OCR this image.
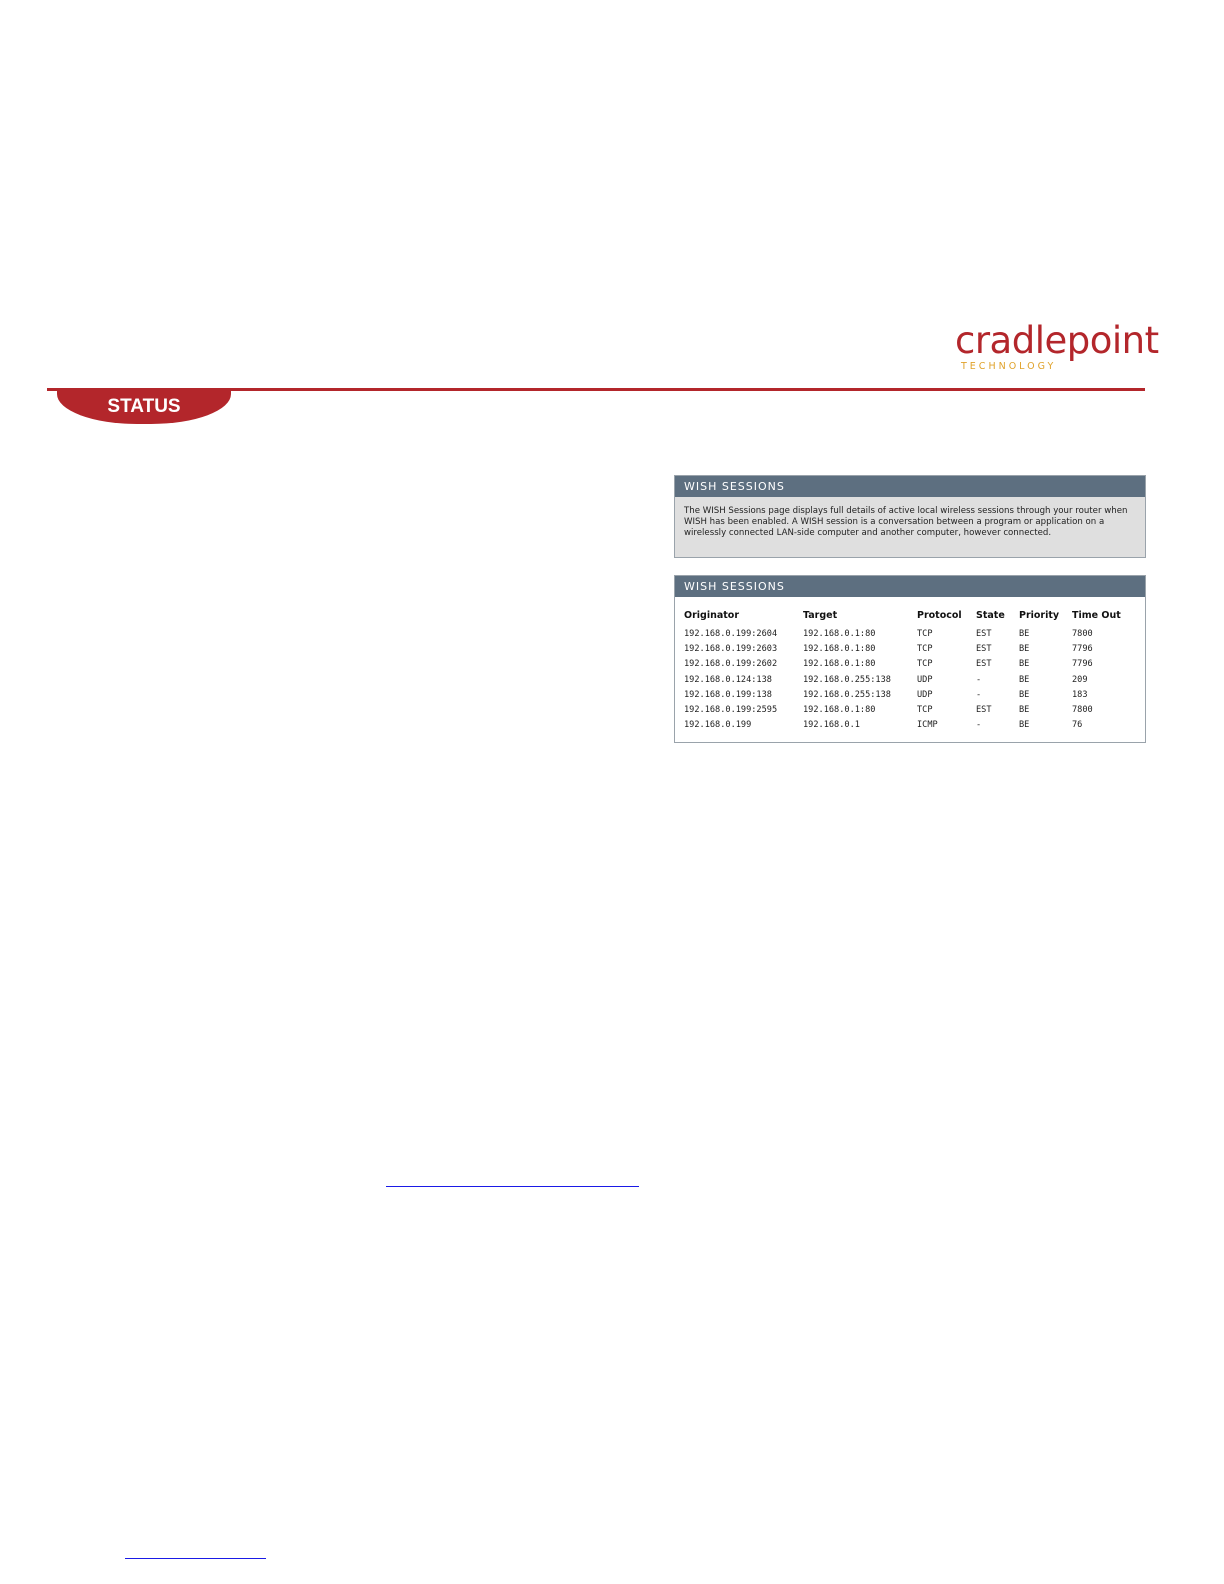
cradlepoint
TECHNOLOGY
STATUS
WISH SESSIONS
The WISH Sessions page displays full details of active local wireless sessions through your router when WISH has been enabled. A WISH session is a conversation between a program or application on a wirelessly connected LAN-side computer and another computer, however connected.
WISH SESSIONS
Originator	Target	Protocol	State	Priority	Time Out
192.168.0.199:2604	192.168.0.1:80	TCP	EST	BE	7800
192.168.0.199:2603	192.168.0.1:80	TCP	EST	BE	7796
192.168.0.199:2602	192.168.0.1:80	TCP	EST	BE	7796
192.168.0.124:138	192.168.0.255:138	UDP	-	BE	209
192.168.0.199:138	192.168.0.255:138	UDP	-	BE	183
192.168.0.199:2595	192.168.0.1:80	TCP	EST	BE	7800
192.168.0.199	192.168.0.1	ICMP	-	BE	76
